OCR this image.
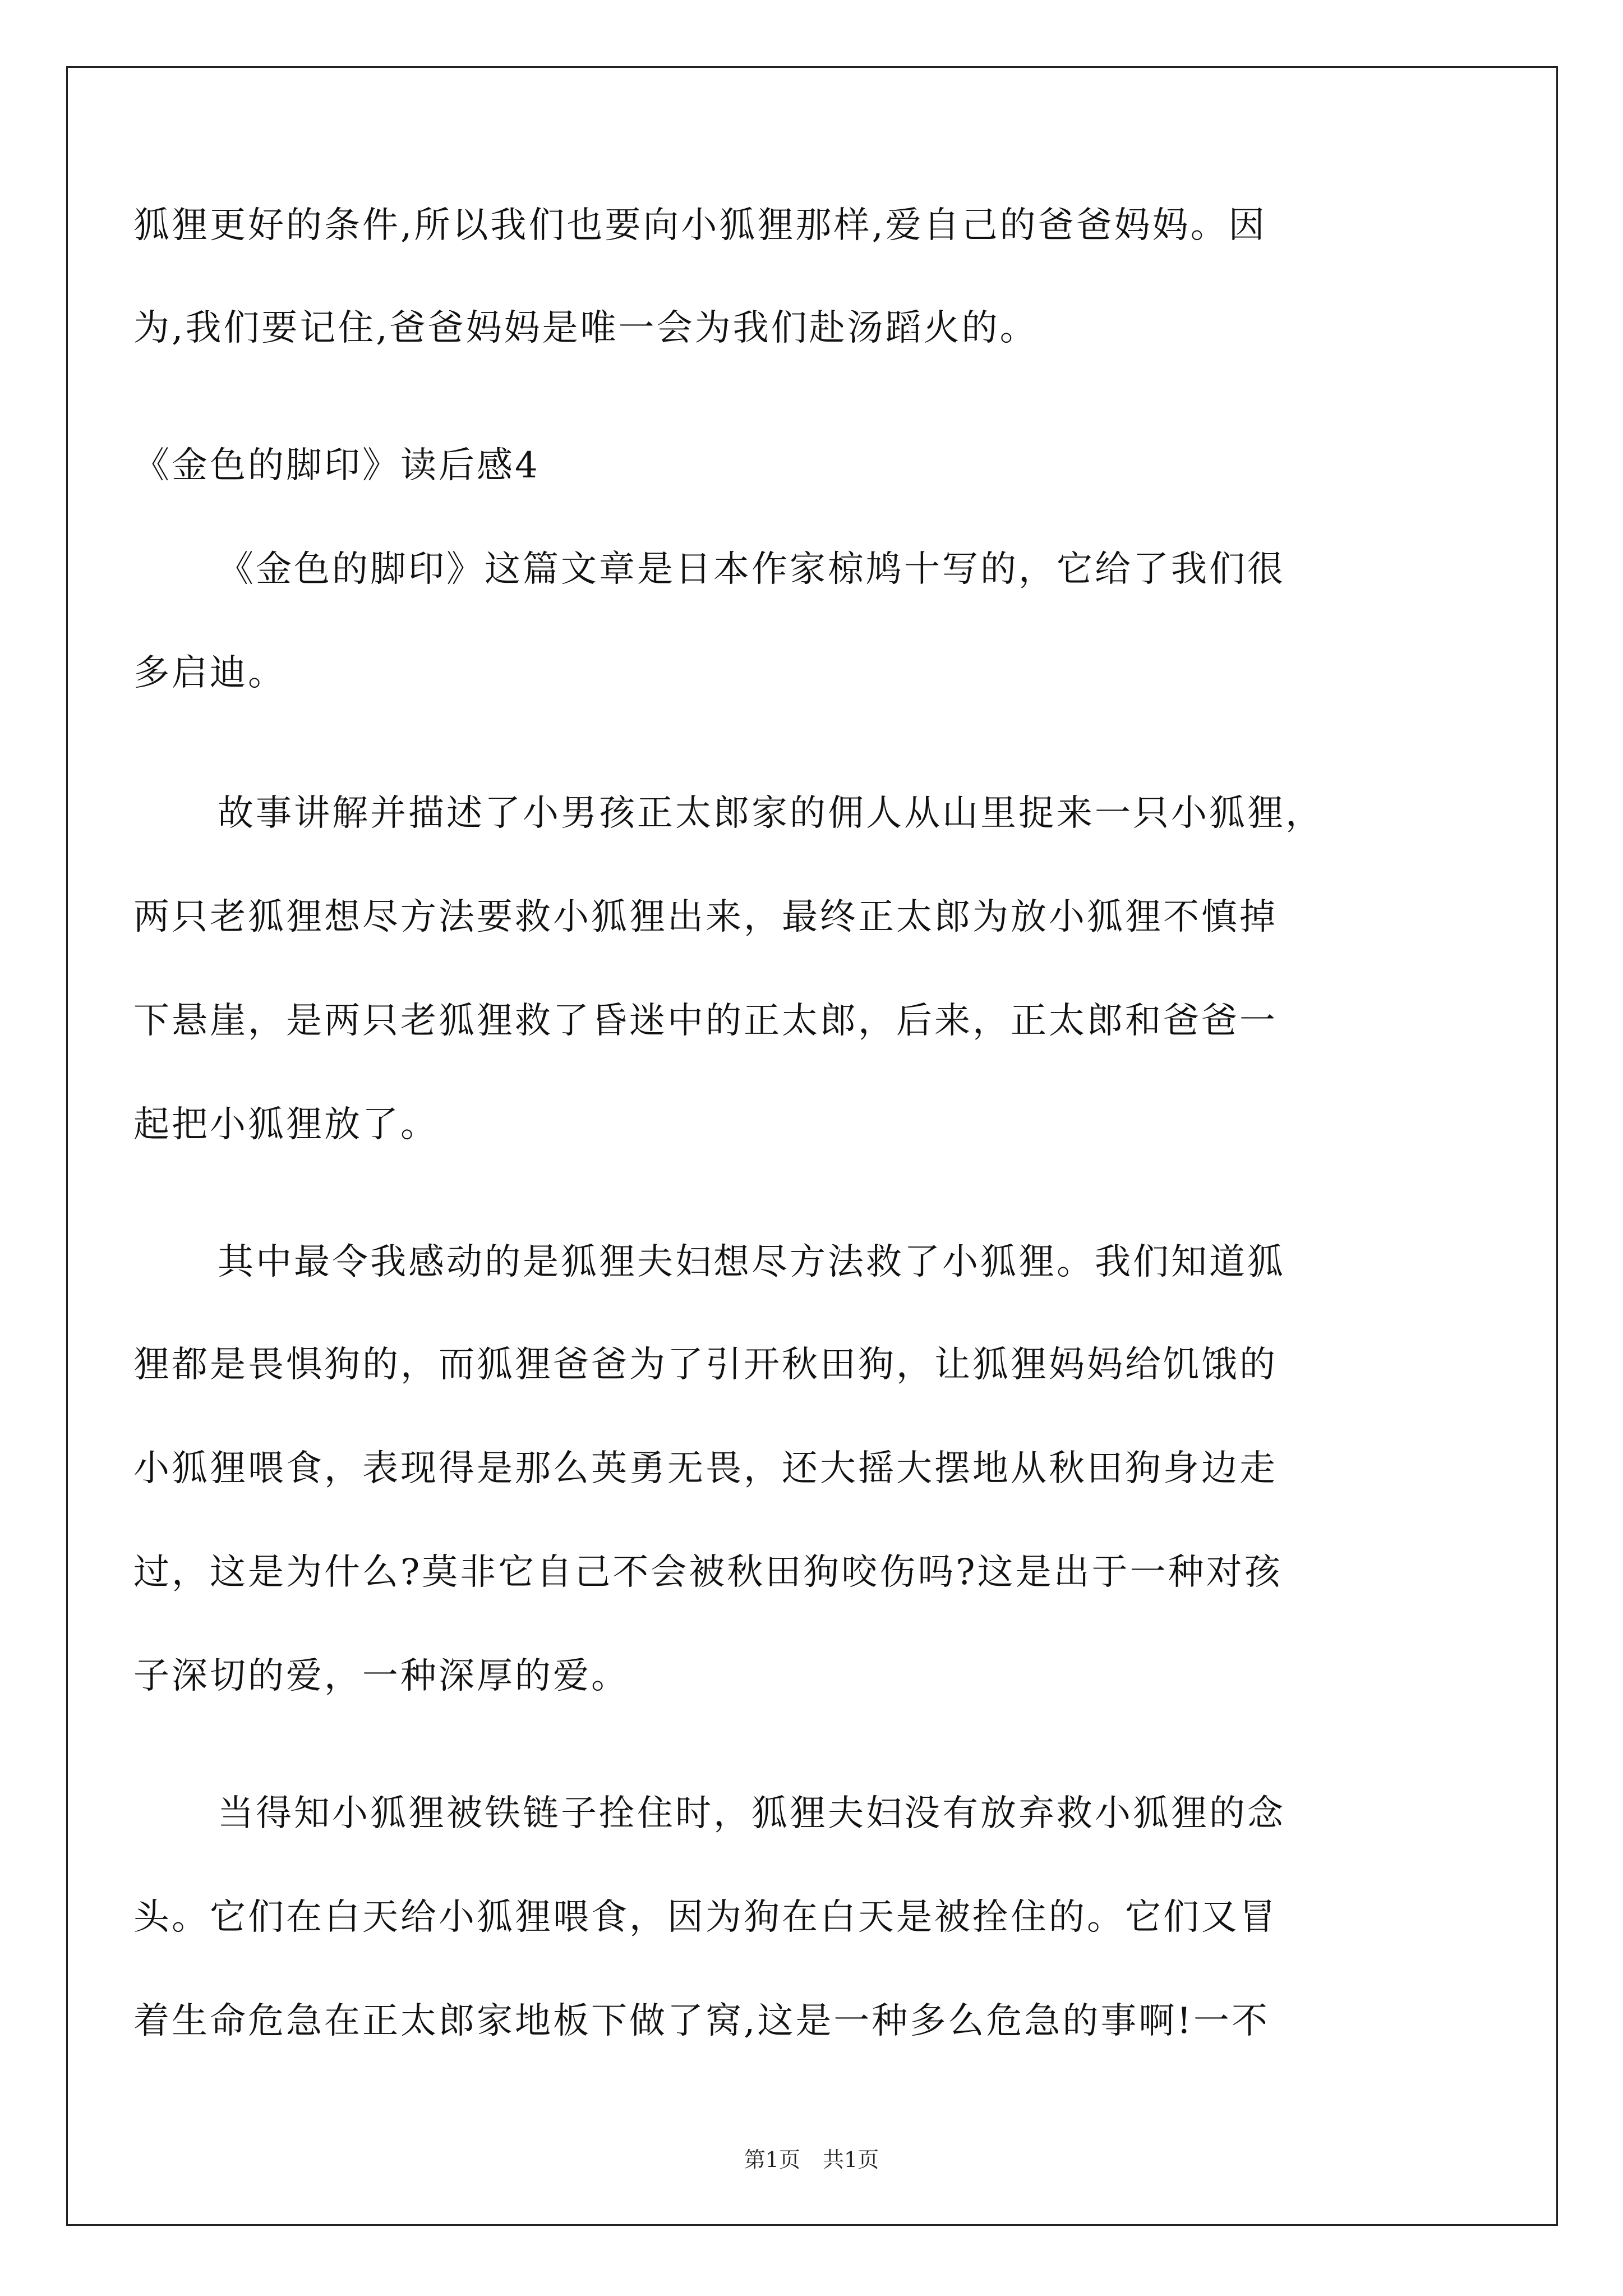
狐狸更好的条件,所以我们也要向小狐狸那样,爱自己的爸爸妈妈。因
为,我们要记住,爸爸妈妈是唯一会为我们赴汤蹈火的。
《金色的脚印》读后感4
《金色的脚印》这篇文章是日本作家椋鸠十写的，它给了我们很
多启迪。
故事讲解并描述了小男孩正太郎家的佣人从山里捉来一只小狐狸，
两只老狐狸想尽方法要救小狐狸出来，最终正太郎为放小狐狸不慎掉
下悬崖，是两只老狐狸救了昏迷中的正太郎，后来，正太郎和爸爸一
起把小狐狸放了。
其中最令我感动的是狐狸夫妇想尽方法救了小狐狸。我们知道狐
狸都是畏惧狗的，而狐狸爸爸为了引开秋田狗，让狐狸妈妈给饥饿的
小狐狸喂食，表现得是那么英勇无畏，还大摇大摆地从秋田狗身边走
过，这是为什么?莫非它自己不会被秋田狗咬伤吗?这是出于一种对孩
子深切的爱，一种深厚的爱。
当得知小狐狸被铁链子拴住时，狐狸夫妇没有放弃救小狐狸的念
头。它们在白天给小狐狸喂食，因为狗在白天是被拴住的。它们又冒
着生命危急在正太郎家地板下做了窝,这是一种多么危急的事啊!一不
第1页 共1页
